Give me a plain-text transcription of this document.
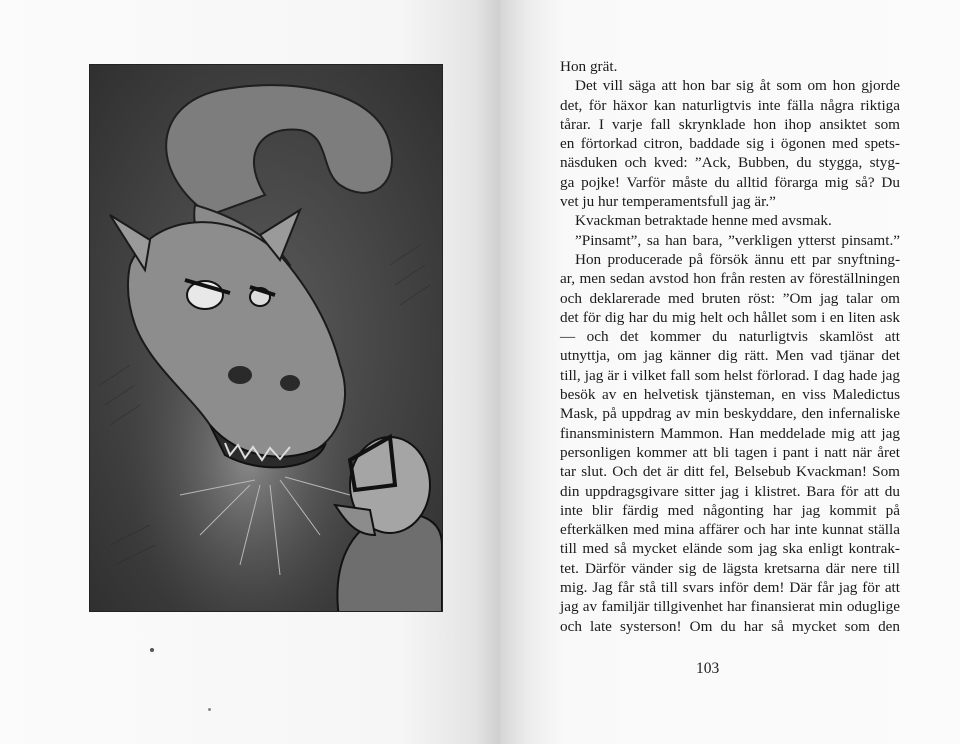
Hon grät.

Det vill säga att hon bar sig åt som om hon gjorde

det, för häxor kan naturligtvis inte fälla några riktiga

tårar. I varje fall skrynklade hon ihop ansiktet som

en förtorkad citron, baddade sig i ögonen med spets-

näsduken och kved: ”Ack, Bubben, du stygga, styg-

ga pojke! Varför måste du alltid förarga mig så? Du

vet ju hur temperamentsfull jag är.”

Kvackman betraktade henne med avsmak.

”Pinsamt”, sa han bara, ”verkligen ytterst pinsamt.”

Hon producerade på försök ännu ett par snyftning-

ar, men sedan avstod hon från resten av föreställningen

och deklarerade med bruten röst: ”Om jag talar om

det för dig har du mig helt och hållet som i en liten ask

— och det kommer du naturligtvis skamlöst att

utnyttja, om jag känner dig rätt. Men vad tjänar det

till, jag är i vilket fall som helst förlorad. I dag hade jag

besök av en helvetisk tjänsteman, en viss Maledictus

Mask, på uppdrag av min beskyddare, den infernaliske

finansministern Mammon. Han meddelade mig att jag

personligen kommer att bli tagen i pant i natt när året

tar slut. Och det är ditt fel, Belsebub Kvackman! Som

din uppdragsgivare sitter jag i klistret. Bara för att du

inte blir färdig med någonting har jag kommit på

efterkälken med mina affärer och har inte kunnat ställa

till med så mycket elände som jag ska enligt kontrak-

tet. Därför vänder sig de lägsta kretsarna där nere till

mig. Jag får stå till svars inför dem! Där får jag för att

jag av familjär tillgivenhet har finansierat min oduglige

och late systerson! Om du har så mycket som den

103
